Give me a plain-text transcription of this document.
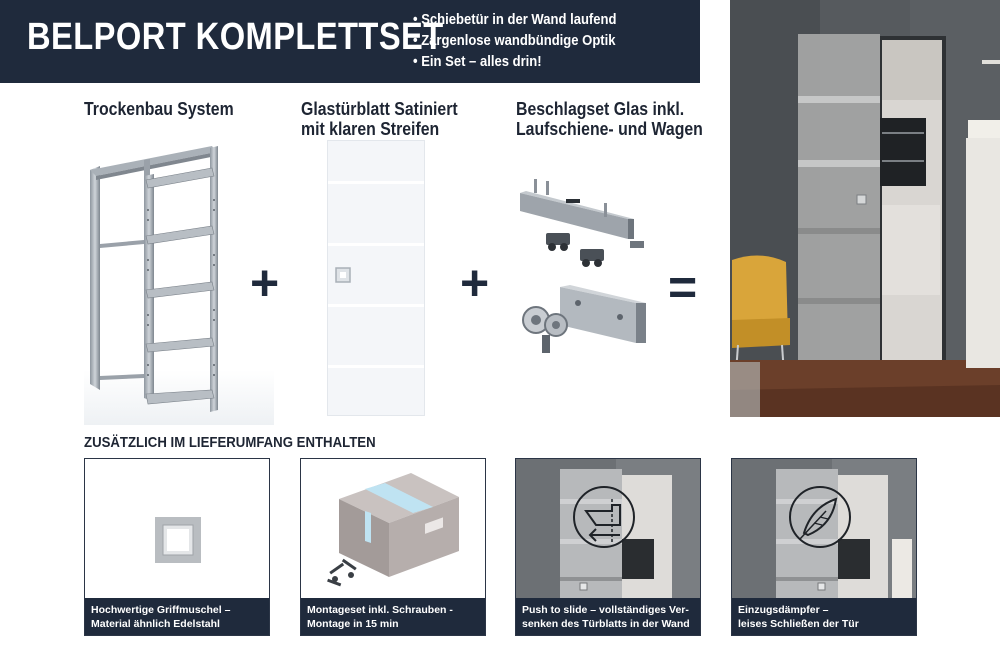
BELPORT KOMPLETTSET
• Schiebetür in der Wand laufend
• Zargenlose wandbündige Optik
• Ein Set – alles drin!
Trockenbau System	Glastürblatt Satiniert
mit klaren Streifen
Beschlagset Glas inkl.
Laufschiene- und Wagen
+	+	=
ZUSÄTZLICH IM LIEFERUMFANG ENTHALTEN
Hochwertige Griffmuschel –
Material ähnlich Edelstahl
Montageset inkl. Schrauben -
Montage in 15 min
Push to slide – vollständiges Ver-
senken des Türblatts in der Wand
Einzugsdämpfer –
leises Schließen der Tür
